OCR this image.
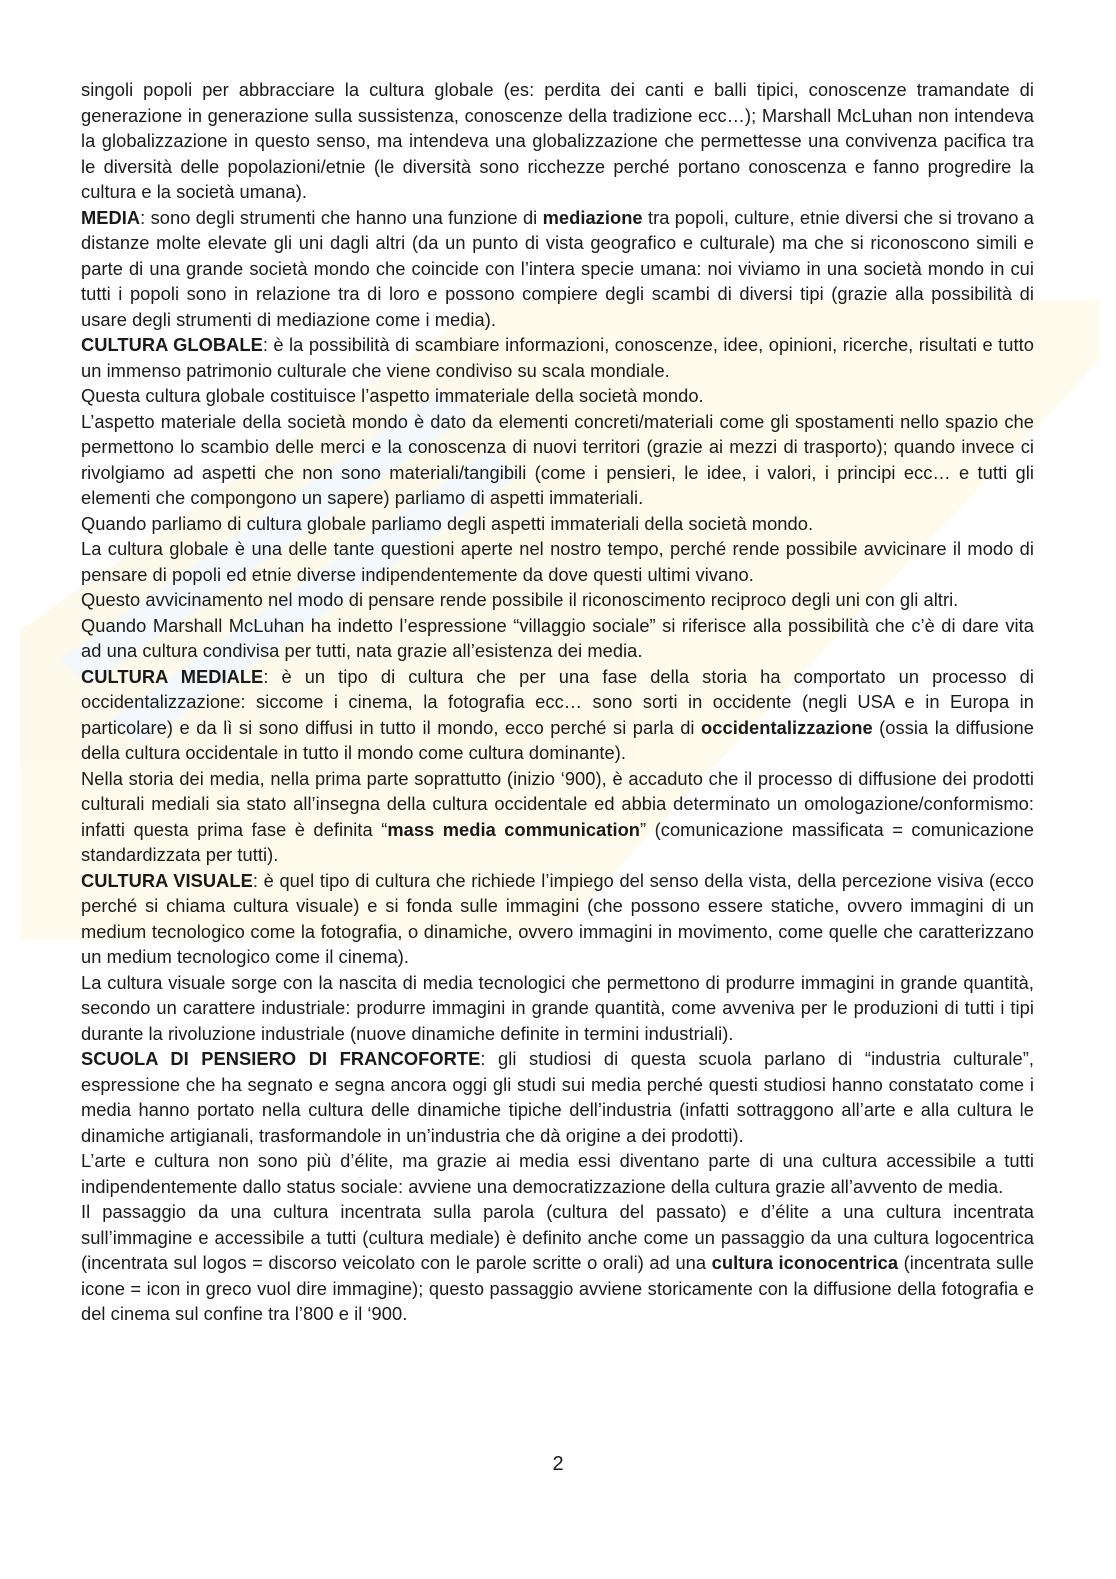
singoli popoli per abbracciare la cultura globale (es: perdita dei canti e balli tipici, conoscenze tramandate di generazione in generazione sulla sussistenza, conoscenze della tradizione ecc…); Marshall McLuhan non intendeva la globalizzazione in questo senso, ma intendeva una globalizzazione che permettesse una convivenza pacifica tra le diversità delle popolazioni/etnie (le diversità sono ricchezze perché portano conoscenza e fanno progredire la cultura e la società umana).

MEDIA: sono degli strumenti che hanno una funzione di mediazione tra popoli, culture, etnie diversi che si trovano a distanze molte elevate gli uni dagli altri (da un punto di vista geografico e culturale) ma che si riconoscono simili e parte di una grande società mondo che coincide con l’intera specie umana: noi viviamo in una società mondo in cui tutti i popoli sono in relazione tra di loro e possono compiere degli scambi di diversi tipi (grazie alla possibilità di usare degli strumenti di mediazione come i media).

CULTURA GLOBALE: è la possibilità di scambiare informazioni, conoscenze, idee, opinioni, ricerche, risultati e tutto un immenso patrimonio culturale che viene condiviso su scala mondiale.

Questa cultura globale costituisce l’aspetto immateriale della società mondo.

L’aspetto materiale della società mondo è dato da elementi concreti/materiali come gli spostamenti nello spazio che permettono lo scambio delle merci e la conoscenza di nuovi territori (grazie ai mezzi di trasporto); quando invece ci rivolgiamo ad aspetti che non sono materiali/tangibili (come i pensieri, le idee, i valori, i principi ecc… e tutti gli elementi che compongono un sapere) parliamo di aspetti immateriali.

Quando parliamo di cultura globale parliamo degli aspetti immateriali della società mondo.

La cultura globale è una delle tante questioni aperte nel nostro tempo, perché rende possibile avvicinare il modo di pensare di popoli ed etnie diverse indipendentemente da dove questi ultimi vivano.

Questo avvicinamento nel modo di pensare rende possibile il riconoscimento reciproco degli uni con gli altri.

Quando Marshall McLuhan ha indetto l’espressione “villaggio sociale” si riferisce alla possibilità che c’è di dare vita ad una cultura condivisa per tutti, nata grazie all’esistenza dei media.

CULTURA MEDIALE: è un tipo di cultura che per una fase della storia ha comportato un processo di occidentalizzazione: siccome i cinema, la fotografia ecc… sono sorti in occidente (negli USA e in Europa in particolare) e da lì si sono diffusi in tutto il mondo, ecco perché si parla di occidentalizzazione (ossia la diffusione della cultura occidentale in tutto il mondo come cultura dominante).

Nella storia dei media, nella prima parte soprattutto (inizio ‘900), è accaduto che il processo di diffusione dei prodotti culturali mediali sia stato all’insegna della cultura occidentale ed abbia determinato un omologazione/conformismo: infatti questa prima fase è definita “mass media communication” (comunicazione massificata = comunicazione standardizzata per tutti).

CULTURA VISUALE: è quel tipo di cultura che richiede l’impiego del senso della vista, della percezione visiva (ecco perché si chiama cultura visuale) e si fonda sulle immagini (che possono essere statiche, ovvero immagini di un medium tecnologico come la fotografia, o dinamiche, ovvero immagini in movimento, come quelle che caratterizzano un medium tecnologico come il cinema).

La cultura visuale sorge con la nascita di media tecnologici che permettono di produrre immagini in grande quantità, secondo un carattere industriale: produrre immagini in grande quantità, come avveniva per le produzioni di tutti i tipi durante la rivoluzione industriale (nuove dinamiche definite in termini industriali).

SCUOLA DI PENSIERO DI FRANCOFORTE: gli studiosi di questa scuola parlano di “industria culturale”, espressione che ha segnato e segna ancora oggi gli studi sui media perché questi studiosi hanno constatato come i media hanno portato nella cultura delle dinamiche tipiche dell’industria (infatti sottraggono all’arte e alla cultura le dinamiche artigianali, trasformandole in un’industria che dà origine a dei prodotti).

L’arte e cultura non sono più d’élite, ma grazie ai media essi diventano parte di una cultura accessibile a tutti indipendentemente dallo status sociale: avviene una democratizzazione della cultura grazie all’avvento de media.

Il passaggio da una cultura incentrata sulla parola (cultura del passato) e d’élite a una cultura incentrata sull’immagine e accessibile a tutti (cultura mediale) è definito anche come un passaggio da una cultura logocentrica (incentrata sul logos = discorso veicolato con le parole scritte o orali) ad una cultura iconocentrica (incentrata sulle icone = icon in greco vuol dire immagine); questo passaggio avviene storicamente con la diffusione della fotografia e del cinema sul confine tra l’800 e il ‘900.

2
